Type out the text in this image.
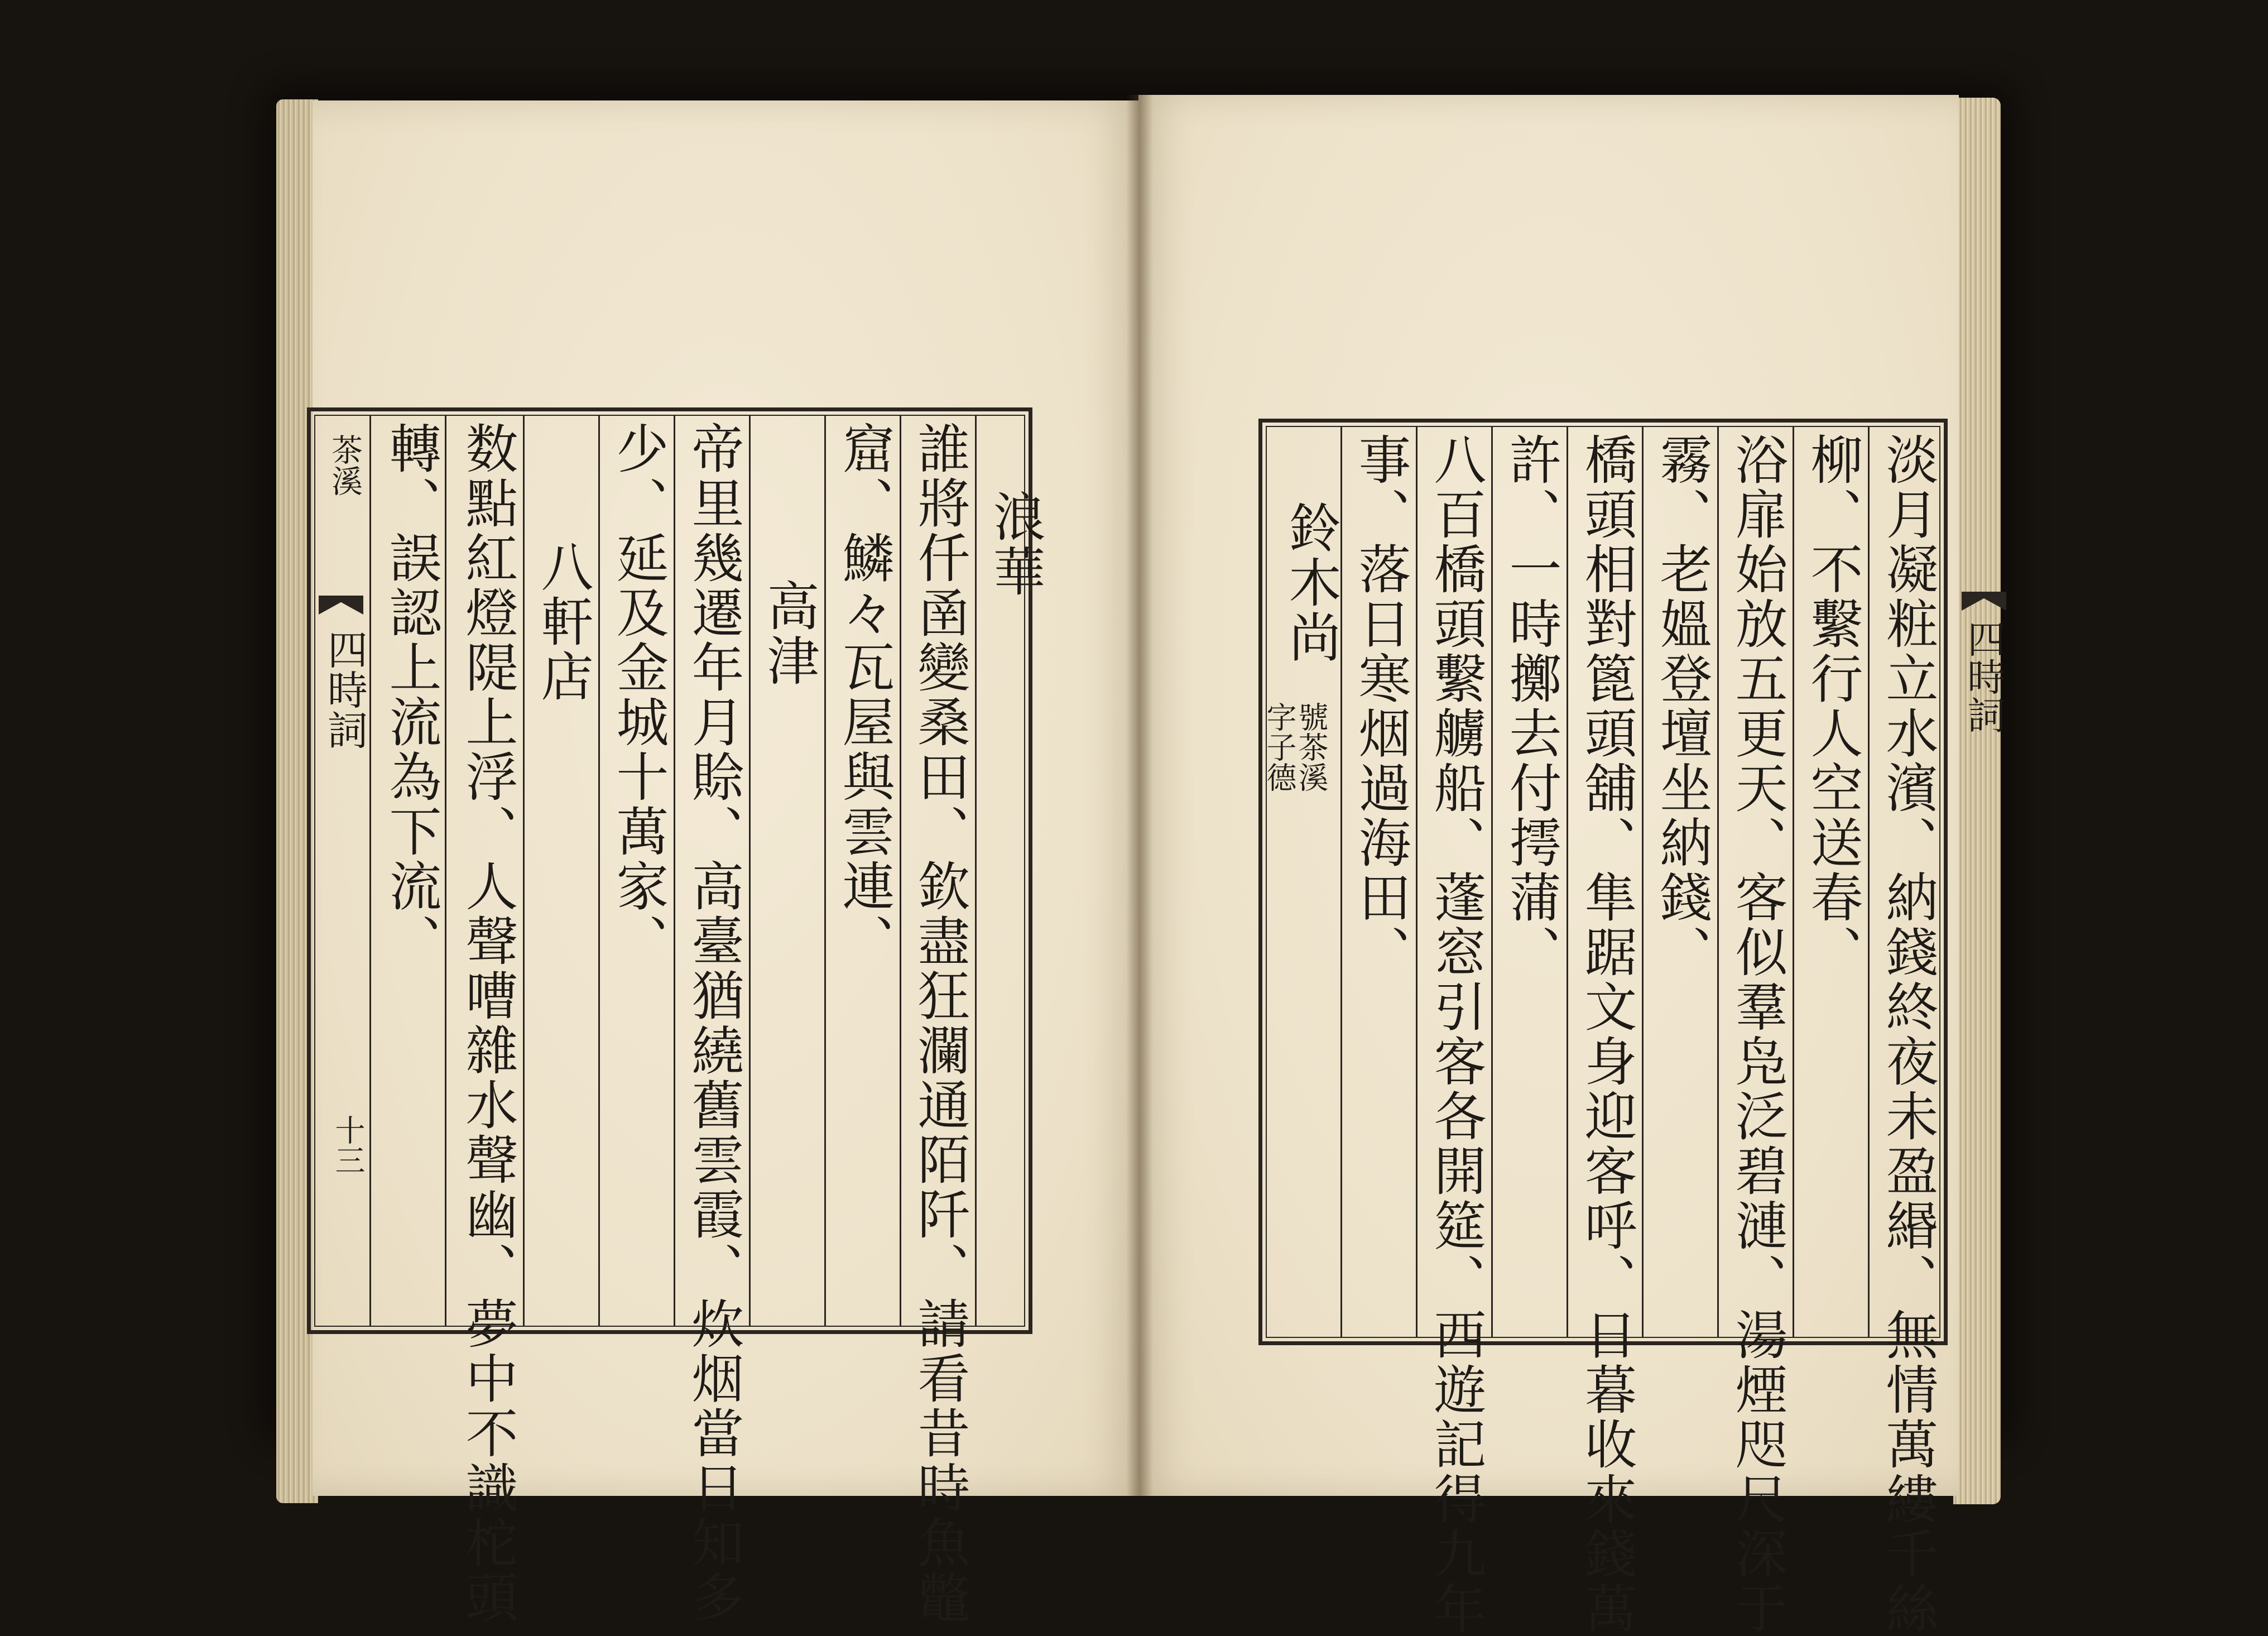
茶溪
四時詞
十三
浪華
誰將仟圅變桑田、欽盡狂瀾通陌阡、請看昔時魚鼈
窟、鱗々瓦屋與雲連、
高津
帝里幾遷年月賒、高臺猶繞舊雲霞、炊烟當日知多
少、延及金城十萬家、
八軒店
数點紅燈隄上浮、人聲嘈雜水聲幽、夢中不識柁頭
轉、誤認上流為下流、	淡月凝粧立水濱、納錢終夜未盈緡、無情萬縷千絲
柳、不繫行人空送春、
浴扉始放五更天、客似羣凫泛碧漣、湯煙咫尺深于
霧、老媼登壇坐納錢、
橋頭相對篦頭舖、隼踞文身迎客呼、日暮收來錢萬
許、一時擲去付摴蒲、
八百橋頭繫艣船、蓬窓引客各開筵、西遊記得九年
事、落日寒烟過海田、
鈴木尚
字子德
號茶溪
四時詞
